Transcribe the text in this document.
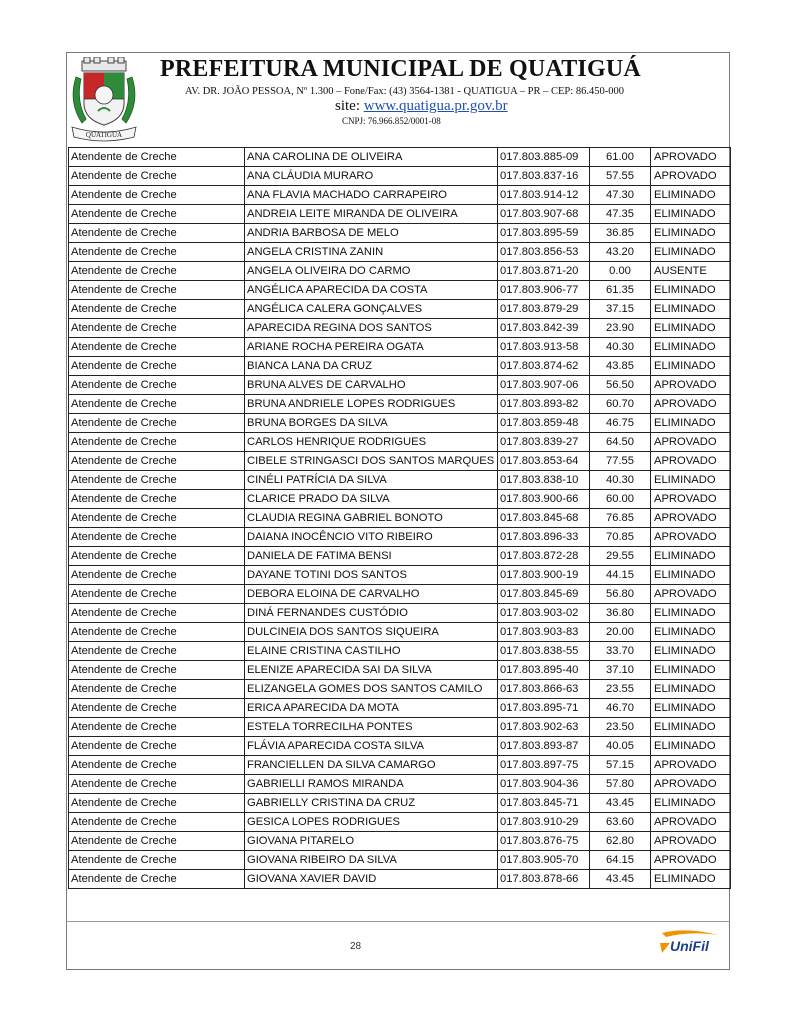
QUATIGUÁ
PREFEITURA MUNICIPAL DE QUATIGUÁ
AV. DR. JOÃO PESSOA, Nº 1.300 – Fone/Fax: (43) 3564-1381 - QUATIGUA – PR – CEP: 86.450-000
site: www.quatigua.pr.gov.br
CNPJ: 76.966.852/0001-08
Atendente de Creche	ANA CAROLINA DE OLIVEIRA	017.803.885-09	61.00	APROVADO
Atendente de Creche	ANA CLÁUDIA MURARO	017.803.837-16	57.55	APROVADO
Atendente de Creche	ANA FLAVIA MACHADO CARRAPEIRO	017.803.914-12	47.30	ELIMINADO
Atendente de Creche	ANDREIA LEITE MIRANDA DE OLIVEIRA	017.803.907-68	47.35	ELIMINADO
Atendente de Creche	ANDRIA BARBOSA DE MELO	017.803.895-59	36.85	ELIMINADO
Atendente de Creche	ANGELA CRISTINA ZANIN	017.803.856-53	43.20	ELIMINADO
Atendente de Creche	ANGELA OLIVEIRA DO CARMO	017.803.871-20	0.00	AUSENTE
Atendente de Creche	ANGÉLICA APARECIDA DA COSTA	017.803.906-77	61.35	ELIMINADO
Atendente de Creche	ANGÉLICA CALERA GONÇALVES	017.803.879-29	37.15	ELIMINADO
Atendente de Creche	APARECIDA REGINA DOS SANTOS	017.803.842-39	23.90	ELIMINADO
Atendente de Creche	ARIANE ROCHA PEREIRA OGATA	017.803.913-58	40.30	ELIMINADO
Atendente de Creche	BIANCA LANA DA CRUZ	017.803.874-62	43.85	ELIMINADO
Atendente de Creche	BRUNA ALVES DE CARVALHO	017.803.907-06	56.50	APROVADO
Atendente de Creche	BRUNA ANDRIELE LOPES RODRIGUES	017.803.893-82	60.70	APROVADO
Atendente de Creche	BRUNA BORGES DA SILVA	017.803.859-48	46.75	ELIMINADO
Atendente de Creche	CARLOS HENRIQUE RODRIGUES	017.803.839-27	64.50	APROVADO
Atendente de Creche	CIBELE STRINGASCI DOS SANTOS MARQUES	017.803.853-64	77.55	APROVADO
Atendente de Creche	CINÉLI PATRÍCIA DA SILVA	017.803.838-10	40.30	ELIMINADO
Atendente de Creche	CLARICE PRADO DA SILVA	017.803.900-66	60.00	APROVADO
Atendente de Creche	CLAUDIA REGINA GABRIEL BONOTO	017.803.845-68	76.85	APROVADO
Atendente de Creche	DAIANA INOCÊNCIO VITO RIBEIRO	017.803.896-33	70.85	APROVADO
Atendente de Creche	DANIELA DE FATIMA BENSI	017.803.872-28	29.55	ELIMINADO
Atendente de Creche	DAYANE TOTINI DOS SANTOS	017.803.900-19	44.15	ELIMINADO
Atendente de Creche	DEBORA ELOINA DE CARVALHO	017.803.845-69	56.80	APROVADO
Atendente de Creche	DINÁ FERNANDES CUSTÓDIO	017.803.903-02	36.80	ELIMINADO
Atendente de Creche	DULCINEIA DOS SANTOS SIQUEIRA	017.803.903-83	20.00	ELIMINADO
Atendente de Creche	ELAINE CRISTINA CASTILHO	017.803.838-55	33.70	ELIMINADO
Atendente de Creche	ELENIZE APARECIDA SAI DA SILVA	017.803.895-40	37.10	ELIMINADO
Atendente de Creche	ELIZANGELA GOMES DOS SANTOS CAMILO	017.803.866-63	23.55	ELIMINADO
Atendente de Creche	ERICA APARECIDA DA MOTA	017.803.895-71	46.70	ELIMINADO
Atendente de Creche	ESTELA TORRECILHA PONTES	017.803.902-63	23.50	ELIMINADO
Atendente de Creche	FLÁVIA APARECIDA COSTA SILVA	017.803.893-87	40.05	ELIMINADO
Atendente de Creche	FRANCIELLEN DA SILVA CAMARGO	017.803.897-75	57.15	APROVADO
Atendente de Creche	GABRIELLI RAMOS MIRANDA	017.803.904-36	57.80	APROVADO
Atendente de Creche	GABRIELLY CRISTINA DA CRUZ	017.803.845-71	43.45	ELIMINADO
Atendente de Creche	GESICA LOPES RODRIGUES	017.803.910-29	63.60	APROVADO
Atendente de Creche	GIOVANA PITARELO	017.803.876-75	62.80	APROVADO
Atendente de Creche	GIOVANA RIBEIRO DA SILVA	017.803.905-70	64.15	APROVADO
Atendente de Creche	GIOVANA XAVIER DAVID	017.803.878-66	43.45	ELIMINADO
28	UniFil
